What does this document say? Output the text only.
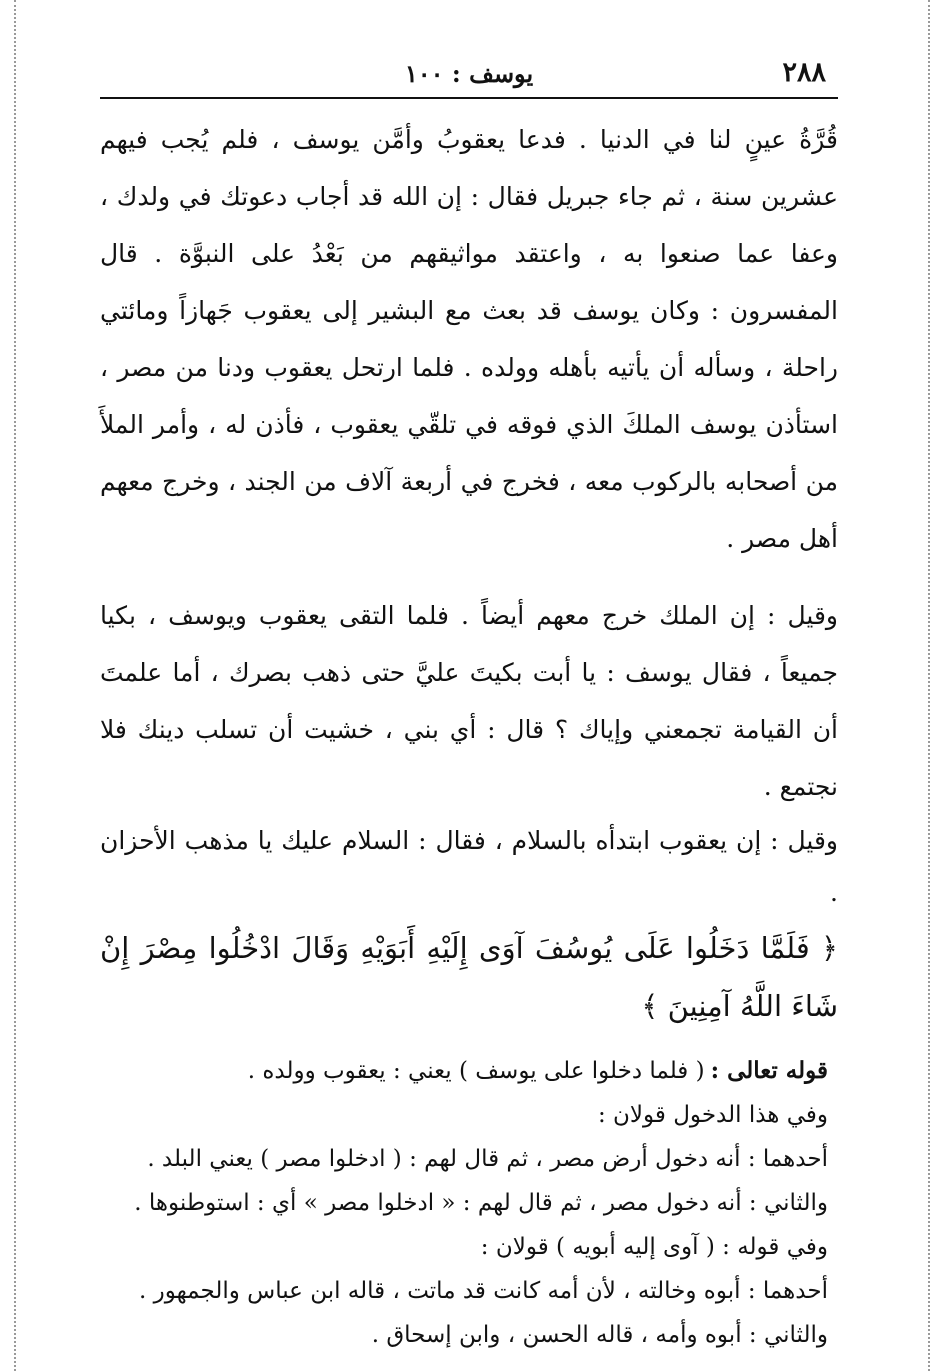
٢٨٨
يوسف : ١٠٠

قُرَّةُ عينٍ لنا في الدنيا . فدعا يعقوبُ وأمَّن يوسف ، فلم يُجب فيهم عشرين سنة ، ثم جاء جبريل فقال : إن الله قد أجاب دعوتك في ولدك ، وعفا عما صنعوا به ، واعتقد مواثيقهم من بَعْدُ على النبوَّة . قال المفسرون : وكان يوسف قد بعث مع البشير إلى يعقوب جَهازاً ومائتي راحلة ، وسأله أن يأتيه بأهله وولده . فلما ارتحل يعقوب ودنا من مصر ، استأذن يوسف الملكَ الذي فوقه في تلقّي يعقوب ، فأذن له ، وأمر الملأَ من أصحابه بالركوب معه ، فخرج في أربعة آلاف من الجند ، وخرج معهم أهل مصر .

وقيل : إن الملك خرج معهم أيضاً . فلما التقى يعقوب ويوسف ، بكيا جميعاً ، فقال يوسف : يا أبت بكيتَ عليَّ حتى ذهب بصرك ، أما علمتَ أن القيامة تجمعني وإياك ؟ قال : أي بني ، خشيت أن تسلب دينك فلا نجتمع .

وقيل : إن يعقوب ابتدأه بالسلام ، فقال : السلام عليك يا مذهب الأحزان .

﴿ فَلَمَّا دَخَلُوا عَلَى يُوسُفَ آوَى إِلَيْهِ أَبَوَيْهِ وَقَالَ ادْخُلُوا مِصْرَ إِنْ شَاءَ اللَّهُ آمِنِينَ ﴾

قوله تعالى :( فلما دخلوا على يوسف ) يعني : يعقوب وولده .

وفي هذا الدخول قولان :

أحدهما : أنه دخول أرض مصر ، ثم قال لهم : ( ادخلوا مصر ) يعني البلد .

والثاني : أنه دخول مصر ، ثم قال لهم : « ادخلوا مصر » أي : استوطنوها .

وفي قوله : ( آوى إليه أبويه ) قولان :

أحدهما : أبوه وخالته ، لأن أمه كانت قد ماتت ، قاله ابن عباس والجمهور .

والثاني : أبوه وأمه ، قاله الحسن ، وابن إسحاق .
